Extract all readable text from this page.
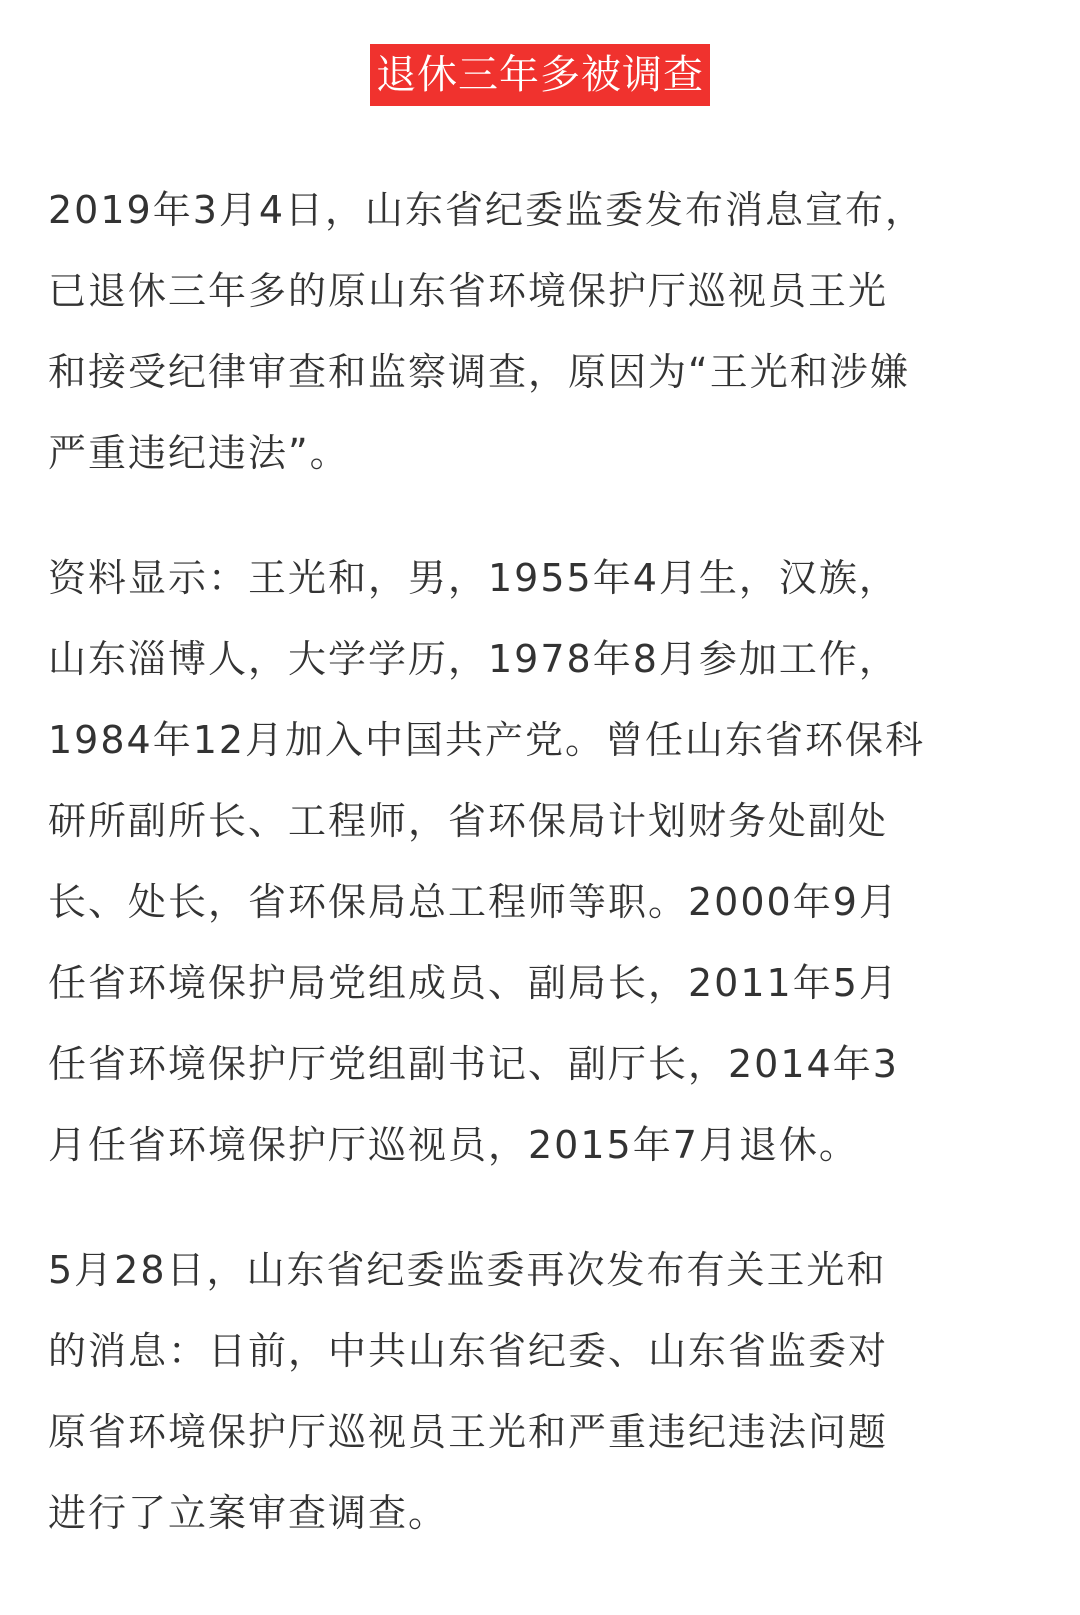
退休三年多被调查

2019年3月4日，山东省纪委监委发布消息宣布，
已退休三年多的原山东省环境保护厅巡视员王光
和接受纪律审查和监察调查，原因为“王光和涉嫌
严重违纪违法”。

资料显示：王光和，男，1955年4月生，汉族，
山东淄博人，大学学历，1978年8月参加工作，
1984年12月加入中国共产党。曾任山东省环保科
研所副所长、工程师，省环保局计划财务处副处
长、处长，省环保局总工程师等职。2000年9月
任省环境保护局党组成员、副局长，2011年5月
任省环境保护厅党组副书记、副厅长，2014年3
月任省环境保护厅巡视员，2015年7月退休。

5月28日，山东省纪委监委再次发布有关王光和
的消息：日前，中共山东省纪委、山东省监委对
原省环境保护厅巡视员王光和严重违纪违法问题
进行了立案审查调查。
